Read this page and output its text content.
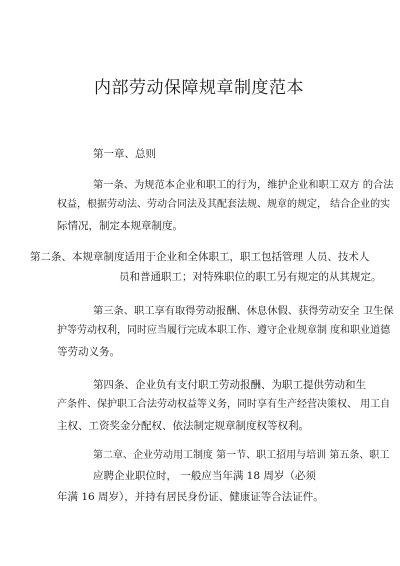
内部劳动保障规章制度范本
第一章、总则
第一条、为规范本企业和职工的行为，维护企业和职工双方 的合法
权益，根据劳动法、劳动合同法及其配套法规、规章的规定， 结合企业的实
际情况，制定本规章制度。
第二条、本规章制度适用于企业和全体职工，职工包括管理 人员、技术人
员和普通职工；对特殊职位的职工另有规定的从其规定。
第三条、职工享有取得劳动报酬、休息休假、获得劳动安全 卫生保
护等劳动权利，同时应当履行完成本职工作、遵守企业规章制 度和职业道德
等劳动义务。
第四条、企业负有支付职工劳动报酬、为职工提供劳动和生
产条件、保护职工合法劳动权益等义务，同时享有生产经营决策权、 用工自
主权、工资奖金分配权、依法制定规章制度权等权利。
第二章、企业劳动用工制度 第一节、职工招用与培训 第五条、职工
应聘企业职位时， 一般应当年满 18 周岁（必须
年满 16 周岁），并持有居民身份证、健康证等合法证件。
